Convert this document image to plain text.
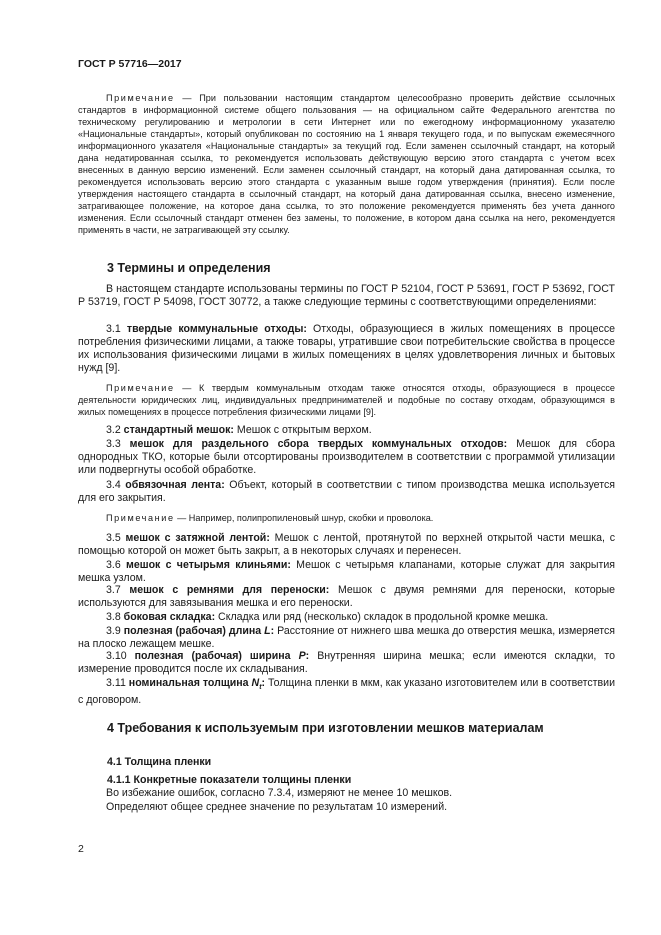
ГОСТ Р 57716—2017

Примечание — При пользовании настоящим стандартом целесообразно проверить действие ссылочных стандартов в информационной системе общего пользования — на официальном сайте Федерального агентства по техническому регулированию и метрологии в сети Интернет или по ежегодному информационному указателю «Национальные стандарты», который опубликован по состоянию на 1 января текущего года, и по выпускам ежемесячного информационного указателя «Национальные стандарты» за текущий год. Если заменен ссылочный стандарт, на который дана недатированная ссылка, то рекомендуется использовать действующую версию этого стандарта с учетом всех внесенных в данную версию изменений. Если заменен ссылочный стандарт, на который дана датированная ссылка, то рекомендуется использовать версию этого стандарта с указанным выше годом утверждения (принятия). Если после утверждения настоящего стандарта в ссылочный стандарт, на который дана датированная ссылка, внесено изменение, затрагивающее положение, на которое дана ссылка, то это положение рекомендуется применять без учета данного изменения. Если ссылочный стандарт отменен без замены, то положение, в котором дана ссылка на него, рекомендуется применять в части, не затрагивающей эту ссылку.

3 Термины и определения

В настоящем стандарте использованы термины по ГОСТ Р 52104, ГОСТ Р 53691, ГОСТ Р 53692, ГОСТ Р 53719, ГОСТ Р 54098, ГОСТ 30772, а также следующие термины с соответствующими определениями:

3.1 твердые коммунальные отходы: Отходы, образующиеся в жилых помещениях в процессе потребления физическими лицами, а также товары, утратившие свои потребительские свойства в процессе их использования физическими лицами в жилых помещениях в целях удовлетворения личных и бытовых нужд [9].

Примечание — К твердым коммунальным отходам также относятся отходы, образующиеся в процессе деятельности юридических лиц, индивидуальных предпринимателей и подобные по составу отходам, образующимся в жилых помещениях в процессе потребления физическими лицами [9].

3.2 стандартный мешок: Мешок с открытым верхом.

3.3 мешок для раздельного сбора твердых коммунальных отходов: Мешок для сбора однородных ТКО, которые были отсортированы производителем в соответствии с программой утилизации или подвергнуты особой обработке.

3.4 обвязочная лента: Объект, который в соответствии с типом производства мешка используется для его закрытия.

Примечание — Например, полипропиленовый шнур, скобки и проволока.

3.5 мешок с затяжной лентой: Мешок с лентой, протянутой по верхней открытой части мешка, с помощью которой он может быть закрыт, а в некоторых случаях и перенесен.

3.6 мешок с четырьмя клиньями: Мешок с четырьмя клапанами, которые служат для закрытия мешка узлом.

3.7 мешок с ремнями для переноски: Мешок с двумя ремнями для переноски, которые используются для завязывания мешка и его переноски.

3.8 боковая складка: Складка или ряд (несколько) складок в продольной кромке мешка.

3.9 полезная (рабочая) длина L: Расстояние от нижнего шва мешка до отверстия мешка, измеряется на плоско лежащем мешке.

3.10 полезная (рабочая) ширина P: Внутренняя ширина мешка; если имеются складки, то измерение проводится после их складывания.

3.11 номинальная толщина $N_t$: Толщина пленки в мкм, как указано изготовителем или в соответствии с договором.

4 Требования к используемым при изготовлении мешков материалам
4.1 Толщина пленки
4.1.1 Конкретные показатели толщины пленки

Во избежание ошибок, согласно 7.3.4, измеряют не менее 10 мешков.

Определяют общее среднее значение по результатам 10 измерений.

2
